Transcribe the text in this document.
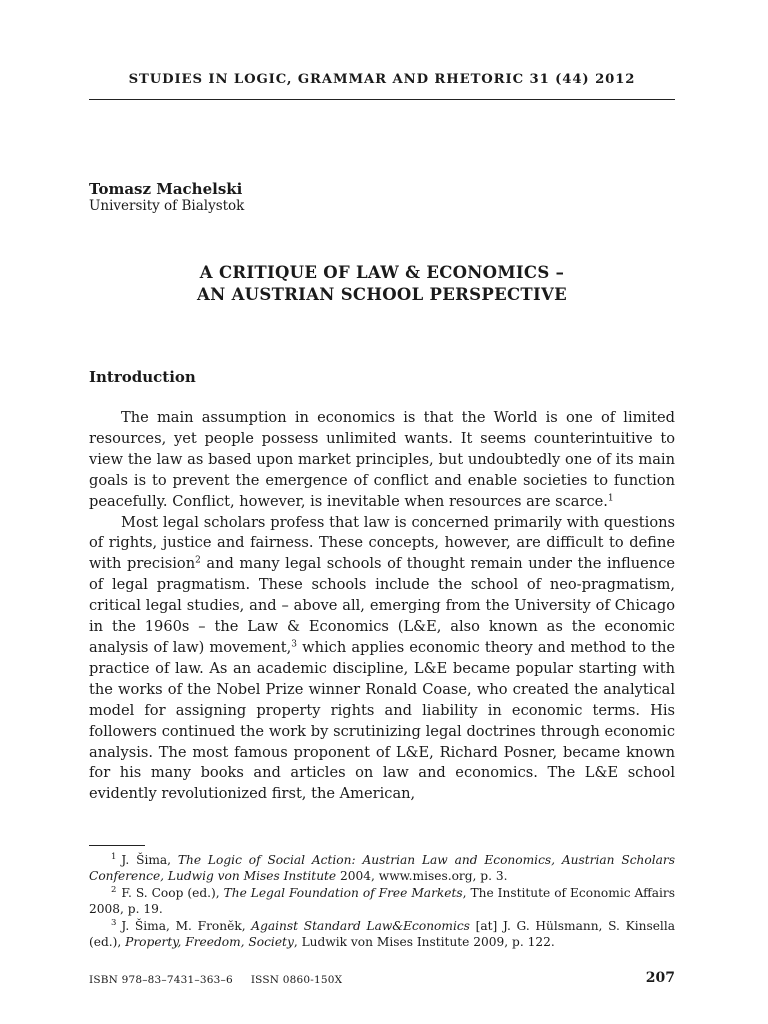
STUDIES IN LOGIC, GRAMMAR AND RHETORIC 31 (44) 2012
Tomasz Machelski
University of Bialystok
A CRITIQUE OF LAW & ECONOMICS –
AN AUSTRIAN SCHOOL PERSPECTIVE
Introduction

The main assumption in economics is that the World is one of limited resources, yet people possess unlimited wants. It seems counterintuitive to view the law as based upon market principles, but undoubtedly one of its main goals is to prevent the emergence of conflict and enable societies to function peacefully. Conflict, however, is inevitable when resources are scarce.$^1$

Most legal scholars profess that law is concerned primarily with questions of rights, justice and fairness. These concepts, however, are difficult to define with precision$^2$ and many legal schools of thought remain under the influence of legal pragmatism. These schools include the school of neo-pragmatism, critical legal studies, and – above all, emerging from the University of Chicago in the 1960s – the Law & Economics (L&E, also known as the economic analysis of law) movement,$^3$ which applies economic theory and method to the practice of law. As an academic discipline, L&E became popular starting with the works of the Nobel Prize winner Ronald Coase, who created the analytical model for assigning property rights and liability in economic terms. His followers continued the work by scrutinizing legal doctrines through economic analysis. The most famous proponent of L&E, Richard Posner, became known for his many books and articles on law and economics. The L&E school evidently revolutionized first, the American,

$^1$ J. Šima, The Logic of Social Action: Austrian Law and Economics, Austrian Scholars Conference, Ludwig von Mises Institute 2004, www.mises.org, p. 3.

$^2$ F. S. Coop (ed.), The Legal Foundation of Free Markets, The Institute of Economic Affairs 2008, p. 19.

$^3$ J. Šima, M. Fronĕk, Against Standard Law&Economics [at] J. G. Hülsmann, S. Kinsella (ed.), Property, Freedom, Society, Ludwik von Mises Institute 2009, p. 122.

ISBN 978–83–7431–363–6 ISSN 0860-150X	207
